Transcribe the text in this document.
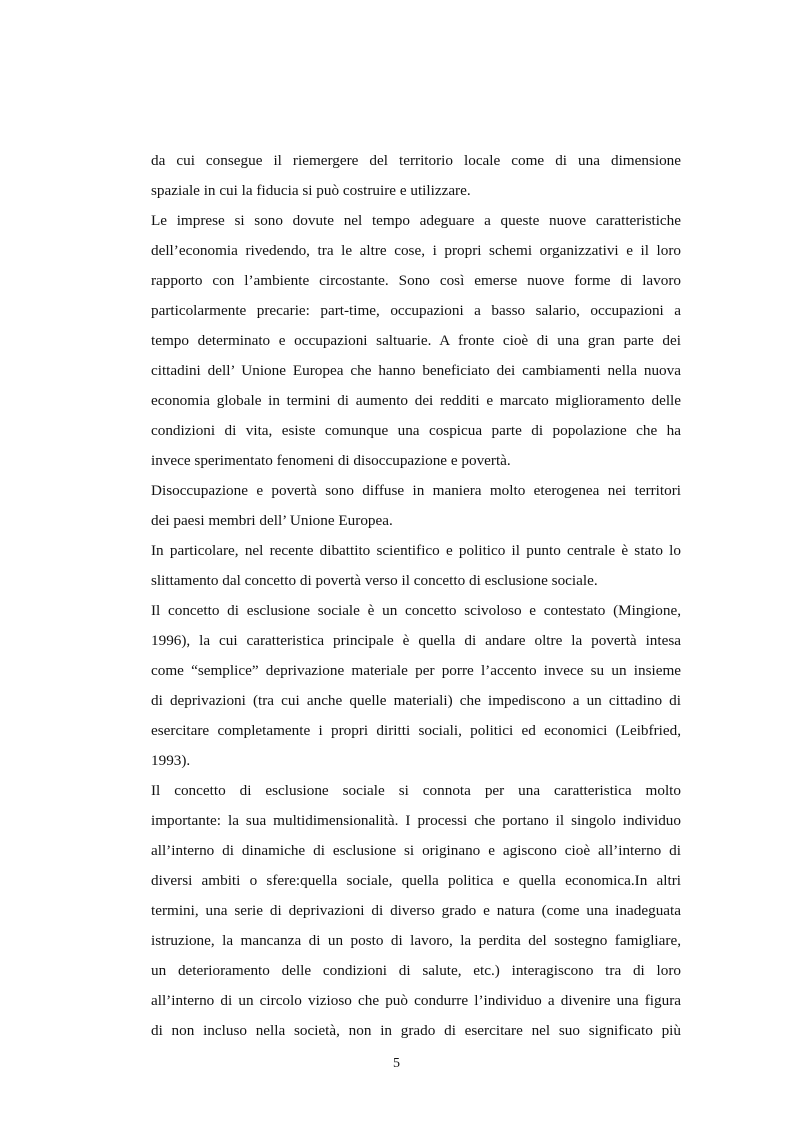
da cui consegue il riemergere del territorio locale come di una dimensione
spaziale in cui la fiducia si può costruire e utilizzare.
Le imprese si sono dovute nel tempo adeguare a queste nuove caratteristiche
dell’economia rivedendo, tra le altre cose, i propri schemi organizzativi e il loro
rapporto con l’ambiente circostante. Sono così emerse nuove forme di lavoro
particolarmente precarie: part-time, occupazioni a basso salario, occupazioni a
tempo determinato e occupazioni saltuarie. A fronte cioè di una gran parte dei
cittadini dell’ Unione Europea che hanno beneficiato dei cambiamenti nella nuova
economia globale in termini di aumento dei redditi e marcato miglioramento delle
condizioni di vita, esiste comunque una cospicua parte di popolazione che ha
invece sperimentato fenomeni di disoccupazione e povertà.
Disoccupazione e povertà sono diffuse in maniera molto eterogenea nei territori
dei paesi membri dell’ Unione Europea.
In particolare, nel recente dibattito scientifico e politico il punto centrale è stato lo
slittamento dal concetto di povertà verso il concetto di esclusione sociale.
Il concetto di esclusione sociale è un concetto scivoloso e contestato (Mingione,
1996), la cui caratteristica principale è quella di andare oltre la povertà intesa
come “semplice” deprivazione materiale per porre l’accento invece su un insieme
di deprivazioni (tra cui anche quelle materiali) che impediscono a un cittadino di
esercitare completamente i propri diritti sociali, politici ed economici (Leibfried,
1993).
Il concetto di esclusione sociale si connota per una caratteristica molto
importante: la sua multidimensionalità. I processi che portano il singolo individuo
all’interno di dinamiche di esclusione si originano e agiscono cioè all’interno di
diversi ambiti o sfere:quella sociale, quella politica e quella economica.In altri
termini, una serie di deprivazioni di diverso grado e natura (come una inadeguata
istruzione, la mancanza di un posto di lavoro, la perdita del sostegno famigliare,
un deterioramento delle condizioni di salute, etc.) interagiscono tra di loro
all’interno di un circolo vizioso che può condurre l’individuo a divenire una figura
di non incluso nella società, non in grado di esercitare nel suo significato più
5
